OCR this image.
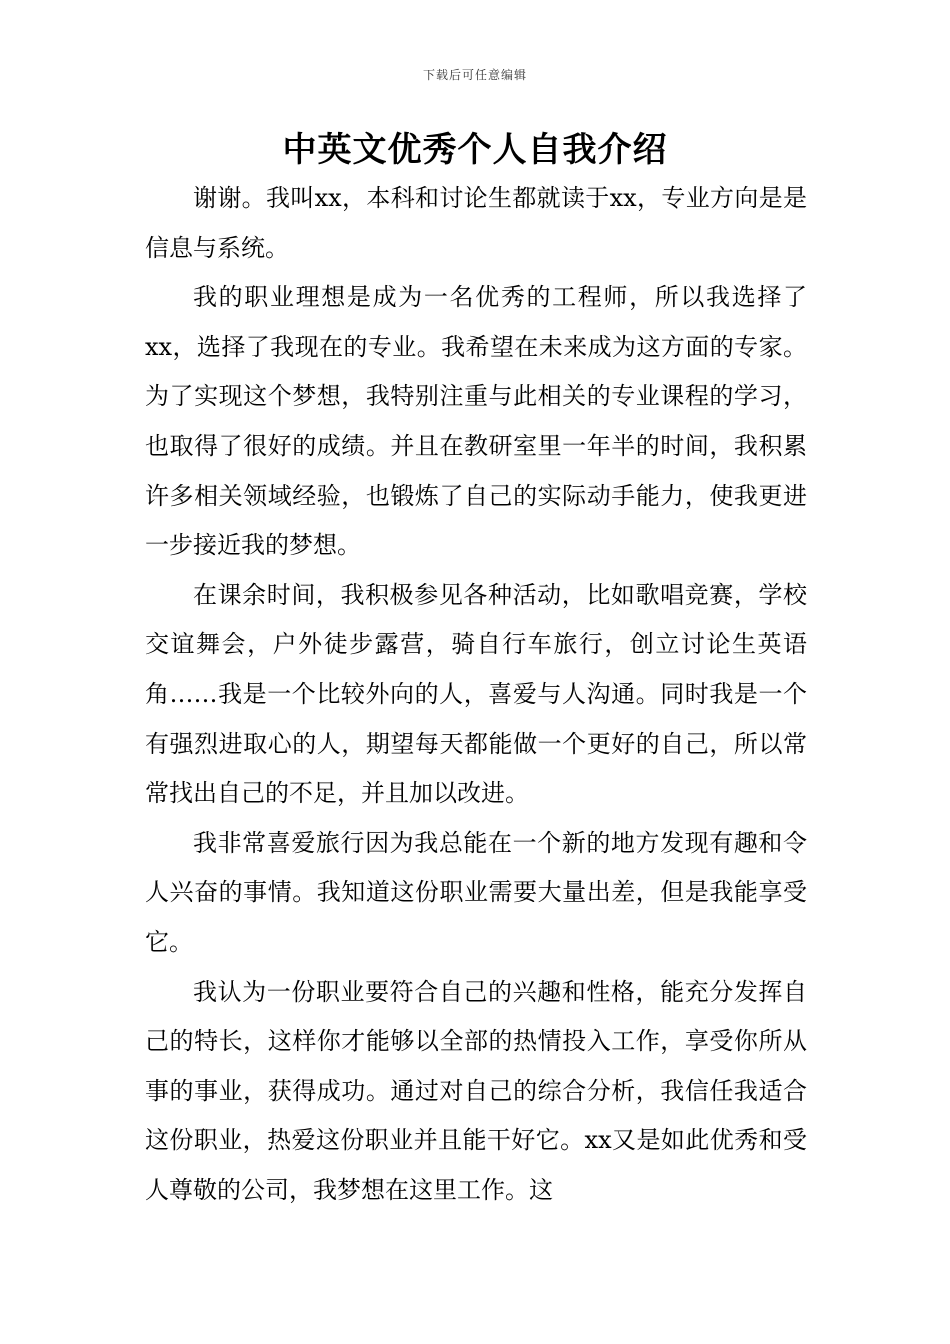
下载后可任意编辑
中英文优秀个人自我介绍

谢谢。我叫xx，本科和讨论生都就读于xx，专业方向是是信息与系统。

我的职业理想是成为一名优秀的工程师，所以我选择了xx，选择了我现在的专业。我希望在未来成为这方面的专家。为了实现这个梦想，我特别注重与此相关的专业课程的学习，也取得了很好的成绩。并且在教研室里一年半的时间，我积累许多相关领域经验，也锻炼了自己的实际动手能力，使我更进一步接近我的梦想。

在课余时间，我积极参见各种活动，比如歌唱竞赛，学校交谊舞会，户外徒步露营，骑自行车旅行，创立讨论生英语角……我是一个比较外向的人，喜爱与人沟通。同时我是一个有强烈进取心的人，期望每天都能做一个更好的自己，所以常常找出自己的不足，并且加以改进。

我非常喜爱旅行因为我总能在一个新的地方发现有趣和令人兴奋的事情。我知道这份职业需要大量出差，但是我能享受它。

我认为一份职业要符合自己的兴趣和性格，能充分发挥自己的特长，这样你才能够以全部的热情投入工作，享受你所从事的事业，获得成功。通过对自己的综合分析，我信任我适合这份职业，热爱这份职业并且能干好它。xx又是如此优秀和受人尊敬的公司，我梦想在这里工作。这
